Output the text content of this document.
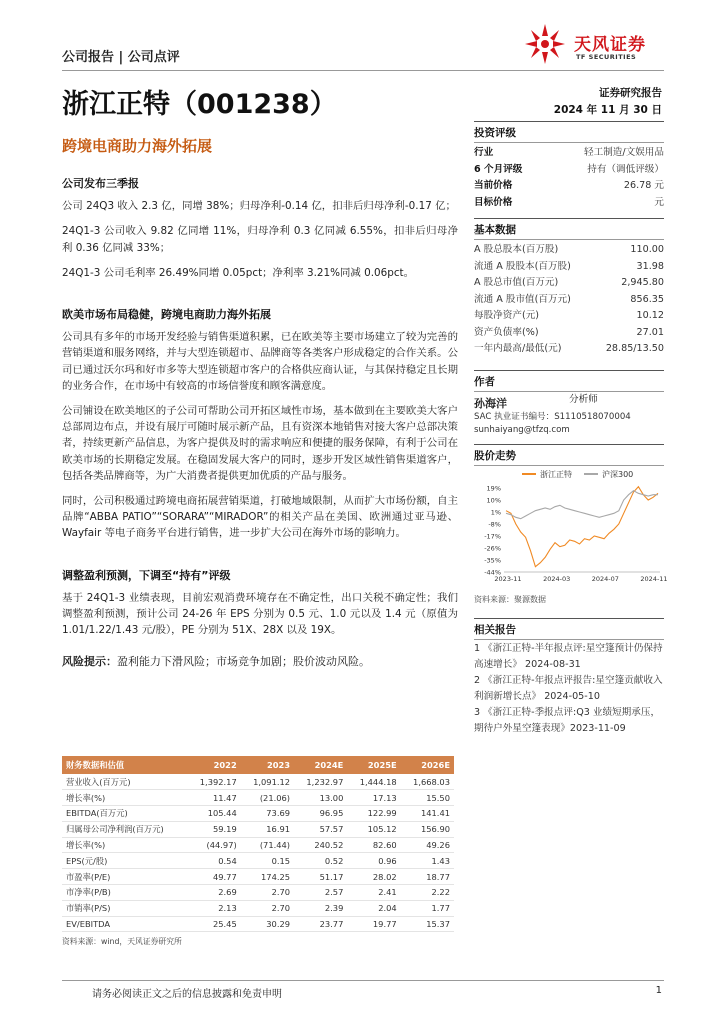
公司报告 | 公司点评
天风证券
TF SECURITIES
浙江正特（001238）	证券研究报告
2024 年 11 月 30 日
跨境电商助力海外拓展
公司发布三季报

公司 24Q3 收入 2.3 亿，同增 38%；归母净利-0.14 亿，扣非后归母净利-0.17 亿；

24Q1-3 公司收入 9.82 亿同增 11%，归母净利 0.3 亿同减 6.55%，扣非后归母净利 0.36 亿同减 33%；

24Q1-3 公司毛利率 26.49%同增 0.05pct；净利率 3.21%同减 0.06pct。

欧美市场布局稳健，跨境电商助力海外拓展

公司具有多年的市场开发经验与销售渠道积累，已在欧美等主要市场建立了较为完善的营销渠道和服务网络，并与大型连锁超市、品牌商等各类客户形成稳定的合作关系。公司已通过沃尔玛和好市多等大型连锁超市客户的合格供应商认证，与其保持稳定且长期的业务合作，在市场中有较高的市场信誉度和顾客满意度。

公司铺设在欧美地区的子公司可帮助公司开拓区域性市场，基本做到在主要欧美大客户总部周边布点，并设有展厅可随时展示新产品，且有资深本地销售对接大客户总部决策者，持续更新产品信息，为客户提供及时的需求响应和便捷的服务保障，有利于公司在欧美市场的长期稳定发展。在稳固发展大客户的同时，逐步开发区域性销售渠道客户，包括各类品牌商等，为广大消费者提供更加优质的产品与服务。

同时，公司积极通过跨境电商拓展营销渠道，打破地域限制，从而扩大市场份额，自主品牌“ABBA PATIO”“SORARA”“MIRADOR”的相关产品在美国、欧洲通过亚马逊、Wayfair 等电子商务平台进行销售，进一步扩大公司在海外市场的影响力。

调整盈利预测，下调至“持有”评级

基于 24Q1-3 业绩表现，目前宏观消费环境存在不确定性，出口关税不确定性；我们调整盈利预测，预计公司 24-26 年 EPS 分别为 0.5 元、1.0 元以及 1.4 元（原值为 1.01/1.22/1.43 元/股），PE 分别为 51X、28X 以及 19X。

风险提示：盈利能力下滑风险；市场竞争加剧；股价波动风险。
投资评级
行业	轻工制造/文娱用品
6 个月评级	持有（调低评级）
当前价格	26.78 元
目标价格	元
基本数据
A 股总股本(百万股)	110.00
流通 A 股股本(百万股)	31.98
A 股总市值(百万元)	2,945.80
流通 A 股市值(百万元)	856.35
每股净资产(元)	10.12
资产负债率(%)	27.01
一年内最高/最低(元)	28.85/13.50
作者
孙海洋	分析师
SAC 执业证书编号：S1110518070004
sunhaiyang@tfzq.com
股价走势
浙江正特	沪深300
19%
10%
1%
-8%
-17%
-26%
-35%
-44%
2023-11	2024-03	2024-07	2024-11
资料来源：聚源数据
相关报告
1 《浙江正特-半年报点评:星空篷预计仍保持高速增长》 2024-08-31
2 《浙江正特-年报点评报告:星空篷贡献收入利润新增长点》 2024-05-10
3 《浙江正特-季报点评:Q3 业绩短期承压，期待户外星空篷表现》2023-11-09
财务数据和估值	2022	2023	2024E	2025E	2026E
营业收入(百万元)	1,392.17	1,091.12	1,232.97	1,444.18	1,668.03
增长率(%)	11.47	(21.06)	13.00	17.13	15.50
EBITDA(百万元)	105.44	73.69	96.95	122.99	141.41
归属母公司净利润(百万元)	59.19	16.91	57.57	105.12	156.90
增长率(%)	(44.97)	(71.44)	240.52	82.60	49.26
EPS(元/股)	0.54	0.15	0.52	0.96	1.43
市盈率(P/E)	49.77	174.25	51.17	28.02	18.77
市净率(P/B)	2.69	2.70	2.57	2.41	2.22
市销率(P/S)	2.13	2.70	2.39	2.04	1.77
EV/EBITDA	25.45	30.29	23.77	19.77	15.37
资料来源：wind，天风证券研究所
请务必阅读正文之后的信息披露和免责申明	1
